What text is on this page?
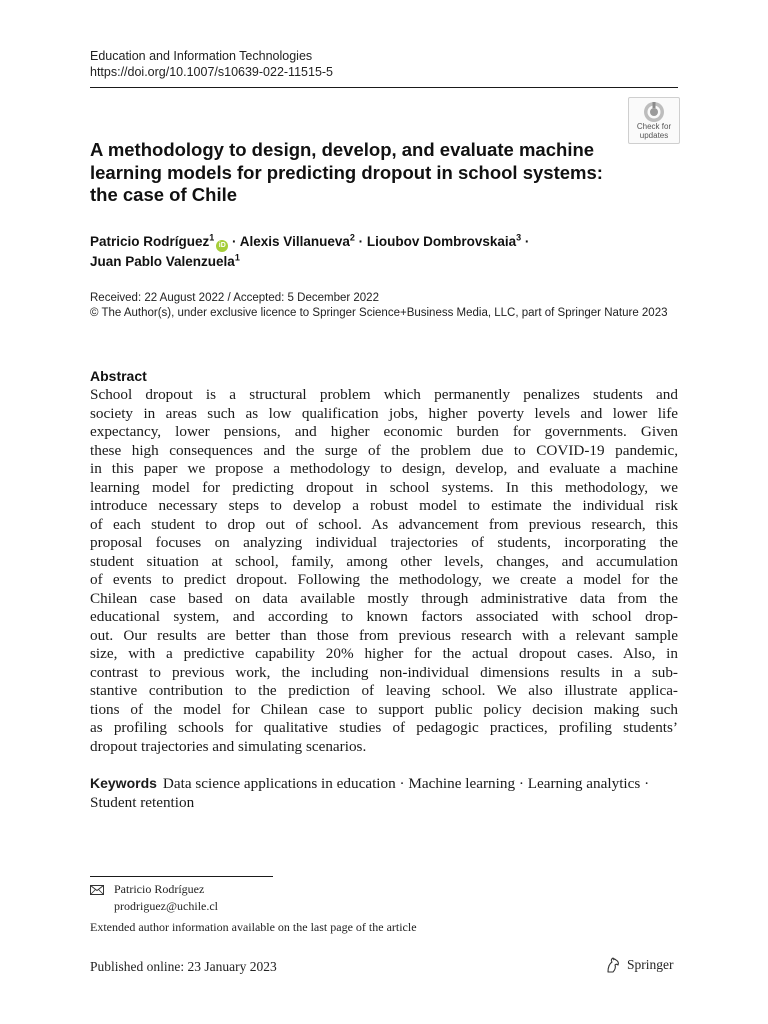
Education and Information Technologies
https://doi.org/10.1007/s10639-022-11515-5
Check for
updates
A methodology to design, develop, and evaluate machine learning models for predicting dropout in school systems: the case of Chile
Patricio Rodríguez$^1$iD · Alexis Villanueva$^2$ · Lioubov Dombrovskaia$^3$ ·
Juan Pablo Valenzuela$^1$
Received: 22 August 2022 / Accepted: 5 December 2022
© The Author(s), under exclusive licence to Springer Science+Business Media, LLC, part of Springer Nature 2023
Abstract
School dropout is a structural problem which permanently penalizes students and
society in areas such as low qualification jobs, higher poverty levels and lower life
expectancy, lower pensions, and higher economic burden for governments. Given
these high consequences and the surge of the problem due to COVID-19 pandemic,
in this paper we propose a methodology to design, develop, and evaluate a machine
learning model for predicting dropout in school systems. In this methodology, we
introduce necessary steps to develop a robust model to estimate the individual risk
of each student to drop out of school. As advancement from previous research, this
proposal focuses on analyzing individual trajectories of students, incorporating the
student situation at school, family, among other levels, changes, and accumulation
of events to predict dropout. Following the methodology, we create a model for the
Chilean case based on data available mostly through administrative data from the
educational system, and according to known factors associated with school drop-
out. Our results are better than those from previous research with a relevant sample
size, with a predictive capability 20% higher for the actual dropout cases. Also, in
contrast to previous work, the including non-individual dimensions results in a sub-
stantive contribution to the prediction of leaving school. We also illustrate applica-
tions of the model for Chilean case to support public policy decision making such
as profiling schools for qualitative studies of pedagogic practices, profiling students’
dropout trajectories and simulating scenarios.
Keywords Data science applications in education · Machine learning · Learning analytics · Student retention
Patricio Rodríguez
prodriguez@uchile.cl
Extended author information available on the last page of the article
Published online: 23 January 2023	Springer
